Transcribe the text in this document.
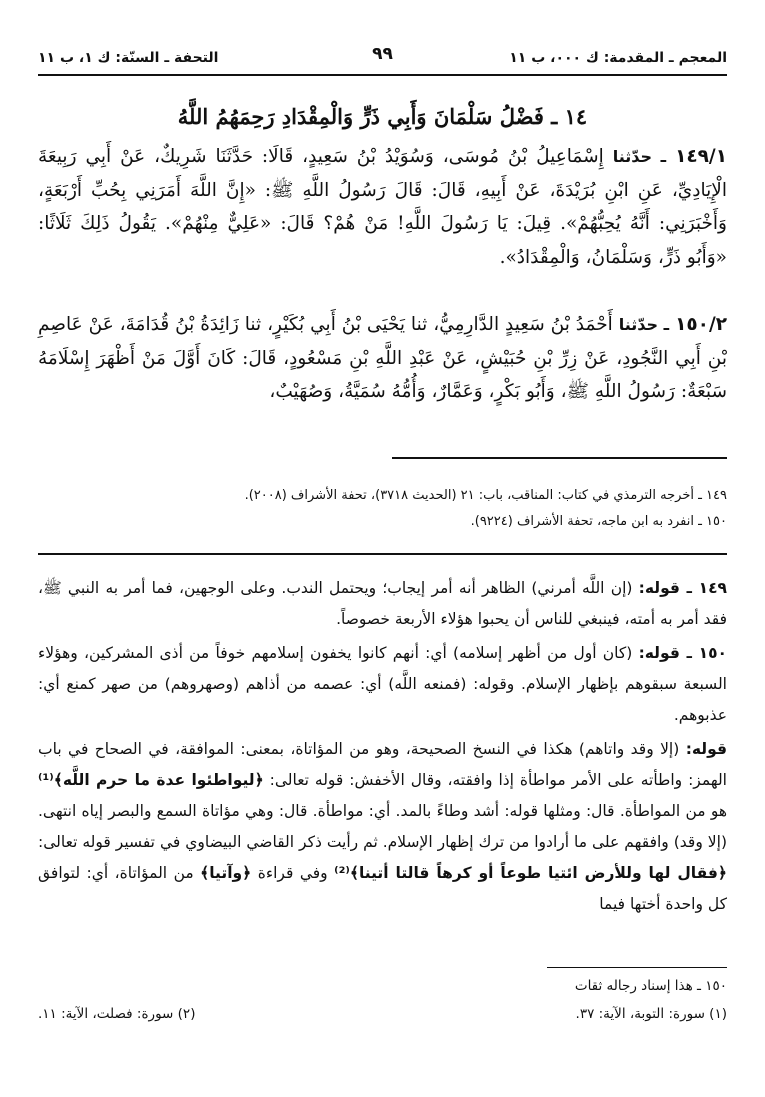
المعجم ـ المقدمة: ك ٠٠٠، ب ١١
٩٩
التحفة ـ السنّة: ك ١، ب ١١
١٤ ـ فَضْلُ سَلْمَانَ وَأَبِي ذَرٍّ وَالْمِقْدَادِ رَحِمَهُمُ اللَّهُ
١٤٩/١ ـ حدّثنا إِسْمَاعِيلُ بْنُ مُوسَى، وَسُوَيْدُ بْنُ سَعِيدٍ، قَالَا: حَدَّثَنَا شَرِيكٌ، عَنْ أَبِي رَبِيعَةَ الْإِيَادِيِّ، عَنِ ابْنِ بُرَيْدَةَ، عَنْ أَبِيهِ، قَالَ: قَالَ رَسُولُ اللَّهِ ﷺ: «إِنَّ اللَّهَ أَمَرَنِي بِحُبِّ أَرْبَعَةٍ، وَأَخْبَرَنِي: أَنَّهُ يُحِبُّهُمْ». قِيلَ: يَا رَسُولَ اللَّهِ! مَنْ هُمْ؟ قَالَ: «عَلِيٌّ مِنْهُمْ». يَقُولُ ذَلِكَ ثَلَاثًا: «وَأَبُو ذَرٍّ، وَسَلْمَانُ، وَالْمِقْدَادُ».
١٥٠/٢ ـ حدّثنا أَحْمَدُ بْنُ سَعِيدٍ الدَّارِمِيُّ، ثنا يَحْيَى بْنُ أَبِي بُكَيْرٍ، ثنا زَائِدَةُ بْنُ قُدَامَةَ، عَنْ عَاصِمِ بْنِ أَبِي النَّجُودِ، عَنْ زِرِّ بْنِ حُبَيْشٍ، عَنْ عَبْدِ اللَّهِ بْنِ مَسْعُودٍ، قَالَ: كَانَ أَوَّلَ مَنْ أَظْهَرَ إِسْلَامَهُ سَبْعَةٌ: رَسُولُ اللَّهِ ﷺ، وَأَبُو بَكْرٍ، وَعَمَّارٌ، وَأُمُّهُ سُمَيَّةُ، وَصُهَيْبٌ،
١٤٩ ـ أخرجه الترمذي في كتاب: المناقب، باب: ٢١ (الحديث ٣٧١٨)، تحفة الأشراف (٢٠٠٨).
١٥٠ ـ انفرد به ابن ماجه، تحفة الأشراف (٩٢٢٤).

١٤٩ ـ قوله: (إن اللَّه أمرني) الظاهر أنه أمر إيجاب؛ ويحتمل الندب. وعلى الوجهين، فما أمر به النبي ﷺ، فقد أمر به أمته، فينبغي للناس أن يحبوا هؤلاء الأربعة خصوصاً.

١٥٠ ـ قوله: (كان أول من أظهر إسلامه) أي: أنهم كانوا يخفون إسلامهم خوفاً من أذى المشركين، وهؤلاء السبعة سبقوهم بإظهار الإسلام. وقوله: (فمنعه اللَّه) أي: عصمه من أذاهم (وصهروهم) من صهر كمنع أي: عذبوهم.

قوله: (إلا وقد واتاهم) هكذا في النسخ الصحيحة، وهو من المؤاتاة، بمعنى: الموافقة، في الصحاح في باب الهمز: واطأته على الأمر مواطأة إذا وافقته، وقال الأخفش: قوله تعالى: ﴿ليواطئوا عدة ما حرم اللَّه﴾⁽¹⁾ هو من المواطأة. قال: ومثلها قوله: أشد وطاءً بالمد. أي: مواطأة. قال: وهي مؤاتاة السمع والبصر إياه انتهى. (إلا وقد) وافقهم على ما أرادوا من ترك إظهار الإسلام. ثم رأيت ذكر القاضي البيضاوي في تفسير قوله تعالى: ﴿فقال لها وللأرض ائتيا طوعاً أو كرهاً قالتا أتينا﴾⁽²⁾ وفي قراءة ﴿وآتيا﴾ من المؤاتاة، أي: لتوافق كل واحدة أختها فيما

١٥٠ ـ هذا إسناد رجاله ثقات
(١) سورة: التوبة، الآية: ٣٧.
(٢) سورة: فصلت، الآية: ١١.
